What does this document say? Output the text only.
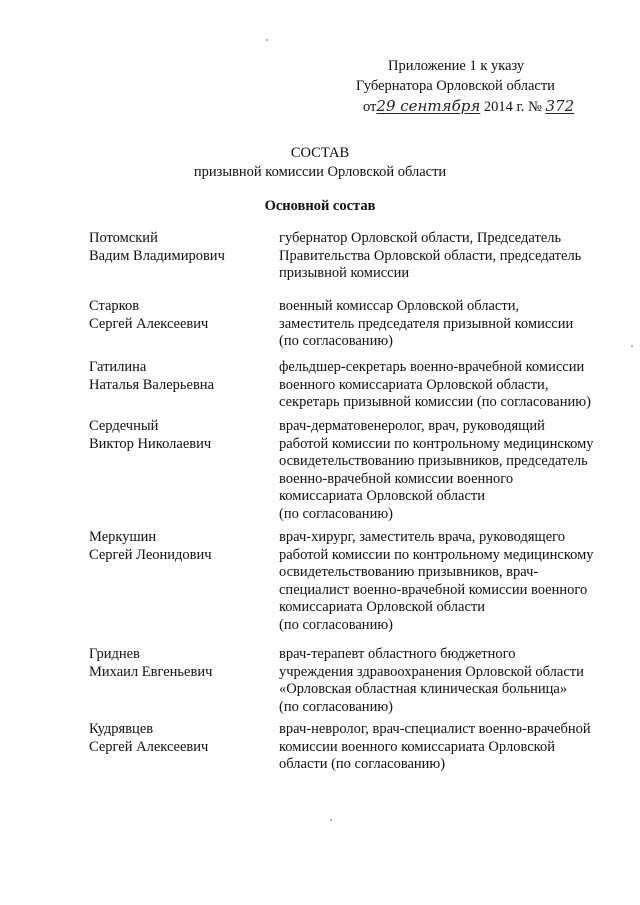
Приложение 1 к указу
Губернатора Орловской области
от29 сентября 2014 г. № 372
СОСТАВ
призывной комиссии Орловской области
Основной состав
Потомский
Вадим Владимирович
губернатор Орловской области, Председатель
Правительства Орловской области, председатель
призывной комиссии
Старков
Сергей Алексеевич
военный комиссар Орловской области,
заместитель председателя призывной комиссии
(по согласованию)
Гатилина
Наталья Валерьевна
фельдшер-секретарь военно-врачебной комиссии
военного комиссариата Орловской области,
секретарь призывной комиссии (по согласованию)
Сердечный
Виктор Николаевич
врач-дерматовенеролог, врач, руководящий
работой комиссии по контрольному медицинскому
освидетельствованию призывников, председатель
военно-врачебной комиссии военного
комиссариата Орловской области
(по согласованию)
Меркушин
Сергей Леонидович
врач-хирург, заместитель врача, руководящего
работой комиссии по контрольному медицинскому
освидетельствованию призывников, врач-
специалист военно-врачебной комиссии военного
комиссариата Орловской области
(по согласованию)
Гриднев
Михаил Евгеньевич
врач-терапевт областного бюджетного
учреждения здравоохранения Орловской области
«Орловская областная клиническая больница»
(по согласованию)
Кудрявцев
Сергей Алексеевич
врач-невролог, врач-специалист военно-врачебной
комиссии военного комиссариата Орловской
области (по согласованию)
